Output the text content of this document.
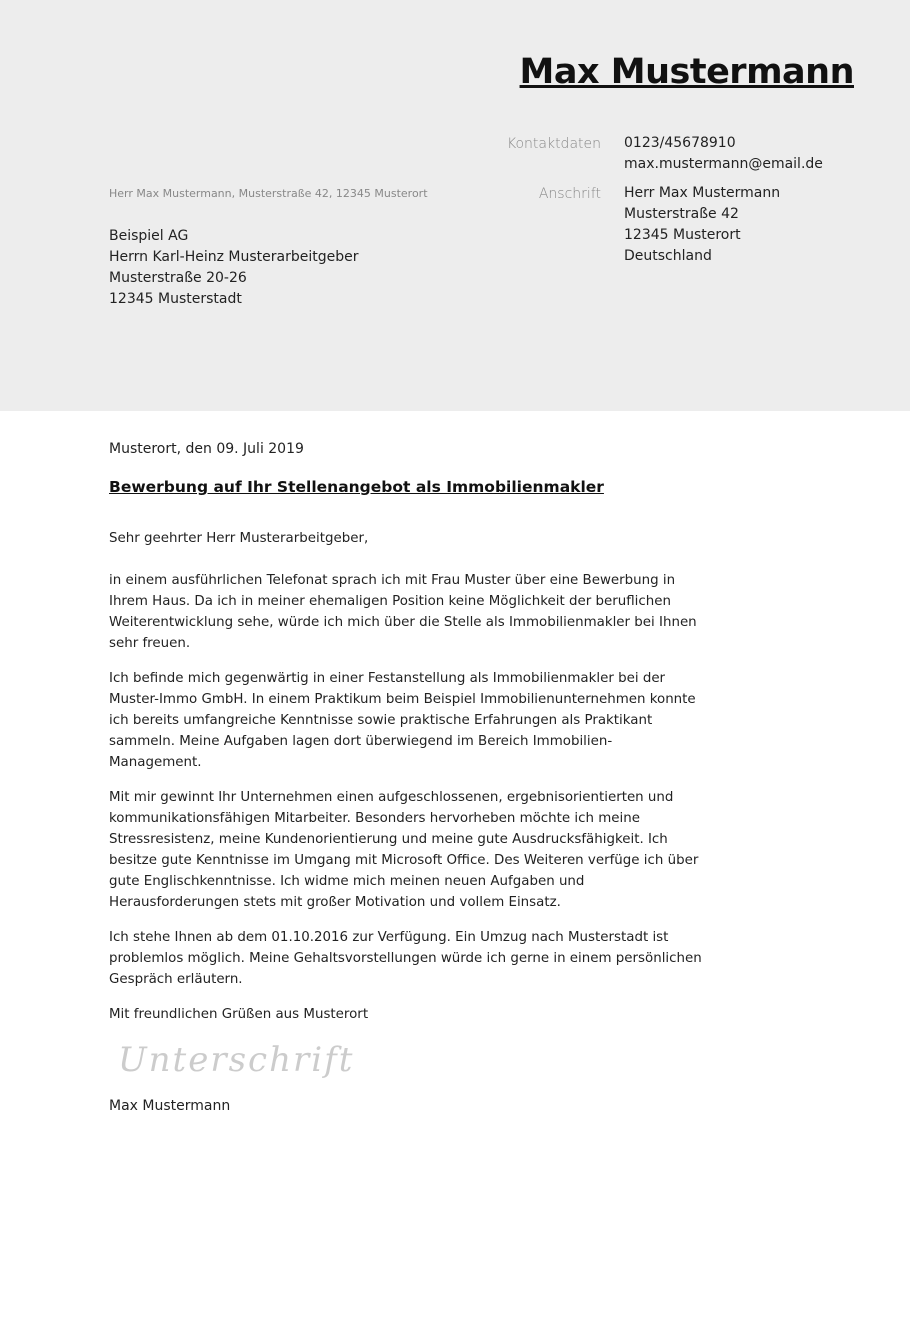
Max Mustermann
Kontaktdaten 0123/45678910
max.mustermann@email.de
Anschrift Herr Max Mustermann
Musterstraße 42
12345 Musterort
Deutschland
Herr Max Mustermann, Musterstraße 42, 12345 Musterort
Beispiel AG
Herrn Karl-Heinz Musterarbeitgeber
Musterstraße 20-26
12345 Musterstadt
Musterort, den 09. Juli 2019
Bewerbung auf Ihr Stellenangebot als Immobilienmakler

Sehr geehrter Herr Musterarbeitgeber,

in einem ausführlichen Telefonat sprach ich mit Frau Muster über eine Bewerbung in
Ihrem Haus. Da ich in meiner ehemaligen Position keine Möglichkeit der beruflichen
Weiterentwicklung sehe, würde ich mich über die Stelle als Immobilienmakler bei Ihnen
sehr freuen.

Ich befinde mich gegenwärtig in einer Festanstellung als Immobilienmakler bei der
Muster-Immo GmbH. In einem Praktikum beim Beispiel Immobilienunternehmen konnte
ich bereits umfangreiche Kenntnisse sowie praktische Erfahrungen als Praktikant
sammeln. Meine Aufgaben lagen dort überwiegend im Bereich Immobilien-
Management.

Mit mir gewinnt Ihr Unternehmen einen aufgeschlossenen, ergebnisorientierten und
kommunikationsfähigen Mitarbeiter. Besonders hervorheben möchte ich meine
Stressresistenz, meine Kundenorientierung und meine gute Ausdrucksfähigkeit. Ich
besitze gute Kenntnisse im Umgang mit Microsoft Office. Des Weiteren verfüge ich über
gute Englischkenntnisse. Ich widme mich meinen neuen Aufgaben und
Herausforderungen stets mit großer Motivation und vollem Einsatz.

Ich stehe Ihnen ab dem 01.10.2016 zur Verfügung. Ein Umzug nach Musterstadt ist
problemlos möglich. Meine Gehaltsvorstellungen würde ich gerne in einem persönlichen
Gespräch erläutern.

Mit freundlichen Grüßen aus Musterort

Unterschrift
Max Mustermann
